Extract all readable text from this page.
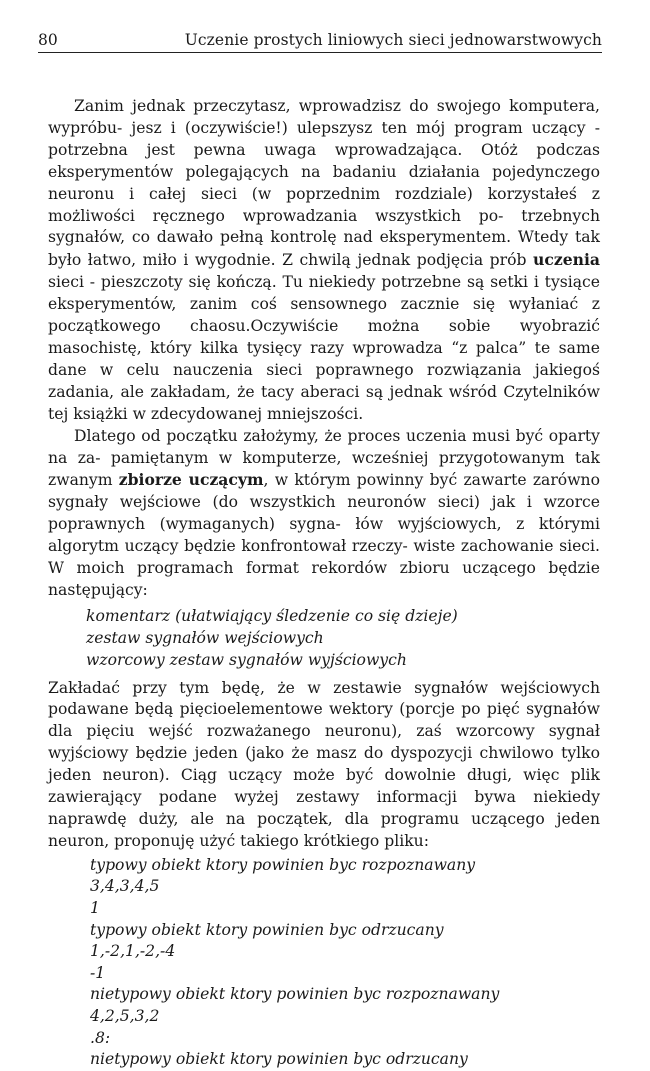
80	Uczenie prostych liniowych sieci jednowarstwowych

Zanim jednak przeczytasz, wprowadzisz do swojego komputera, wypróbu- jesz i (oczywiście!) ulepszysz ten mój program uczący - potrzebna jest pewna uwaga wprowadzająca. Otóż podczas eksperymentów polegających na badaniu działania pojedynczego neuronu i całej sieci (w poprzednim rozdziale) korzystałeś z możliwości ręcznego wprowadzania wszystkich po- trzebnych sygnałów, co dawało pełną kontrolę nad eksperymentem. Wtedy tak było łatwo, miło i wygodnie. Z chwilą jednak podjęcia prób uczenia sieci - pieszczoty się kończą. Tu niekiedy potrzebne są setki i tysiące eksperymentów, zanim coś sensownego zacznie się wyłaniać z początkowego chaosu.Oczywiście można sobie wyobrazić masochistę, który kilka tysięcy razy wprowadza “z palca” te same dane w celu nauczenia sieci poprawnego rozwiązania jakiegoś zadania, ale zakładam, że tacy aberaci są jednak wśród Czytelników tej książki w zdecydowanej mniejszości.

Dlatego od początku założymy, że proces uczenia musi być oparty na za- pamiętanym w komputerze, wcześniej przygotowanym tak zwanym zbiorze uczącym, w którym powinny być zawarte zarówno sygnały wejściowe (do wszystkich neuronów sieci) jak i wzorce poprawnych (wymaganych) sygna- łów wyjściowych, z którymi algorytm uczący będzie konfrontował rzeczy- wiste zachowanie sieci. W moich programach format rekordów zbioru uczącego będzie następujący:

komentarz (ułatwiający śledzenie co się dzieje)
zestaw sygnałów wejściowych
wzorcowy zestaw sygnałów wyjściowych

Zakładać przy tym będę, że w zestawie sygnałów wejściowych podawane będą pięcioelementowe wektory (porcje po pięć sygnałów dla pięciu wejść rozważanego neuronu), zaś wzorcowy sygnał wyjściowy będzie jeden (jako że masz do dyspozycji chwilowo tylko jeden neuron). Ciąg uczący może być dowolnie długi, więc plik zawierający podane wyżej zestawy informacji bywa niekiedy naprawdę duży, ale na początek, dla programu uczącego jeden neuron, proponuję użyć takiego krótkiego pliku:

typowy obiekt ktory powinien byc rozpoznawany
3,4,3,4,5
1
typowy obiekt ktory powinien byc odrzucany
1,-2,1,-2,-4
-1
nietypowy obiekt ktory powinien byc rozpoznawany
4,2,5,3,2
.8:
nietypowy obiekt ktory powinien byc odrzucany
